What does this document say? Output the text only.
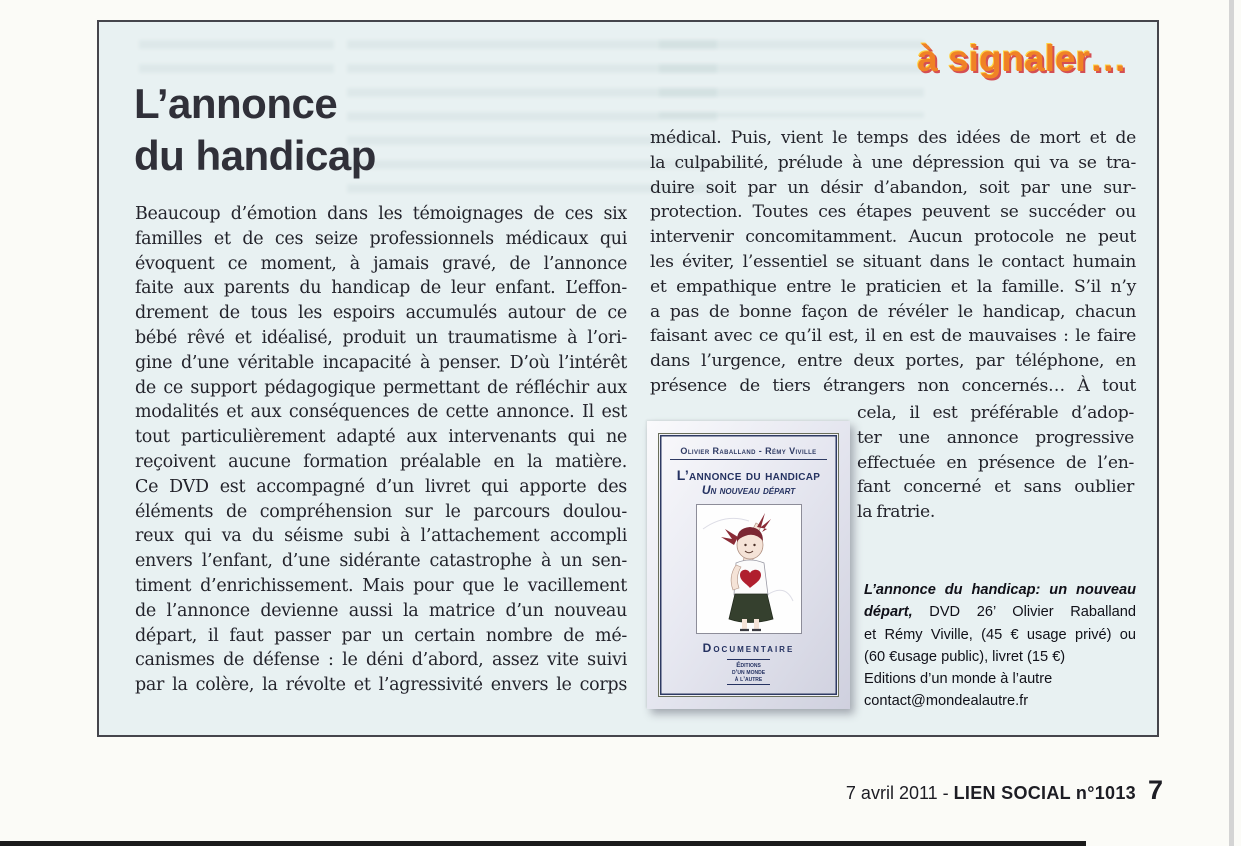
à signaler…
L’annonce
du handicap
Beaucoup d’émotion dans les témoignages de ces six
familles et de ces seize professionnels médicaux qui
évoquent ce moment, à jamais gravé, de l’annonce
faite aux parents du handicap de leur enfant. L’effon-
drement de tous les espoirs accumulés autour de ce
bébé rêvé et idéalisé, produit un traumatisme à l’ori-
gine d’une véritable incapacité à penser. D’où l’intérêt
de ce support pédagogique permettant de réfléchir aux
modalités et aux conséquences de cette annonce. Il est
tout particulièrement adapté aux intervenants qui ne
reçoivent aucune formation préalable en la matière.
Ce DVD est accompagné d’un livret qui apporte des
éléments de compréhension sur le parcours doulou-
reux qui va du séisme subi à l’attachement accompli
envers l’enfant, d’une sidérante catastrophe à un sen-
timent d’enrichissement. Mais pour que le vacillement
de l’annonce devienne aussi la matrice d’un nouveau
départ, il faut passer par un certain nombre de mé-
canismes de défense : le déni d’abord, assez vite suivi
par la colère, la révolte et l’agressivité envers le corps
médical. Puis, vient le temps des idées de mort et de
la culpabilité, prélude à une dépression qui va se tra-
duire soit par un désir d’abandon, soit par une sur-
protection. Toutes ces étapes peuvent se succéder ou
intervenir concomitamment. Aucun protocole ne peut
les éviter, l’essentiel se situant dans le contact humain
et empathique entre le praticien et la famille. S’il n’y
a pas de bonne façon de révéler le handicap, chacun
faisant avec ce qu’il est, il en est de mauvaises : le faire
dans l’urgence, entre deux portes, par téléphone, en
présence de tiers étrangers non concernés… À tout
cela, il est préférable d’adop-
ter une annonce progressive
effectuée en présence de l’en-
fant concerné et sans oublier
la fratrie.
Olivier Raballand - Rémy Viville
L’annonce du handicap
Un nouveau départ
Documentaire
Éditions
d’un monde
à l’autre
L’annonce du handicap: un nouveau
départ, DVD 26’ Olivier Raballand
et Rémy Viville, (45 € usage privé) ou
(60 €usage public), livret (15 €)
Editions d’un monde à l’autre
contact@mondealautre.fr
7 avril 2011 - LIEN SOCIAL n°1013 7
